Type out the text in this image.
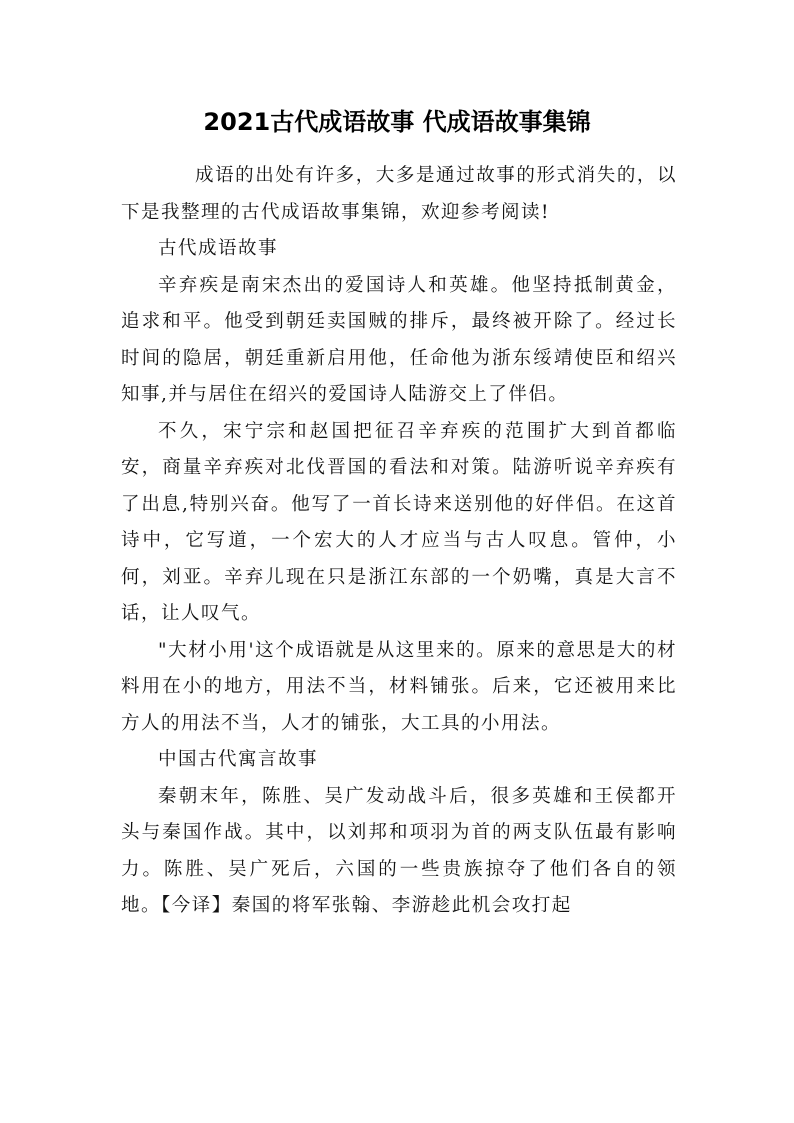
2021古代成语故事 代成语故事集锦

成语的出处有许多，大多是通过故事的形式消失的，以下是我整理的古代成语故事集锦，欢迎参考阅读!

古代成语故事

辛弃疾是南宋杰出的爱国诗人和英雄。他坚持抵制黄金，追求和平。他受到朝廷卖国贼的排斥，最终被开除了。经过长时间的隐居，朝廷重新启用他，任命他为浙东绥靖使臣和绍兴知事,并与居住在绍兴的爱国诗人陆游交上了伴侣。

不久，宋宁宗和赵国把征召辛弃疾的范围扩大到首都临安，商量辛弃疾对北伐晋国的看法和对策。陆游听说辛弃疾有了出息,特别兴奋。他写了一首长诗来送别他的好伴侣。在这首诗中，它写道，一个宏大的人才应当与古人叹息。管仲，小何，刘亚。辛弃儿现在只是浙江东部的一个奶嘴，真是大言不话，让人叹气。

"大材小用'这个成语就是从这里来的。原来的意思是大的材料用在小的地方，用法不当，材料铺张。后来，它还被用来比方人的用法不当，人才的铺张，大工具的小用法。

中国古代寓言故事

秦朝末年，陈胜、吴广发动战斗后，很多英雄和王侯都开头与秦国作战。其中，以刘邦和项羽为首的两支队伍最有影响力。陈胜、吴广死后，六国的一些贵族掠夺了他们各自的领地。【今译】秦国的将军张翰、李游趁此机会攻打起
